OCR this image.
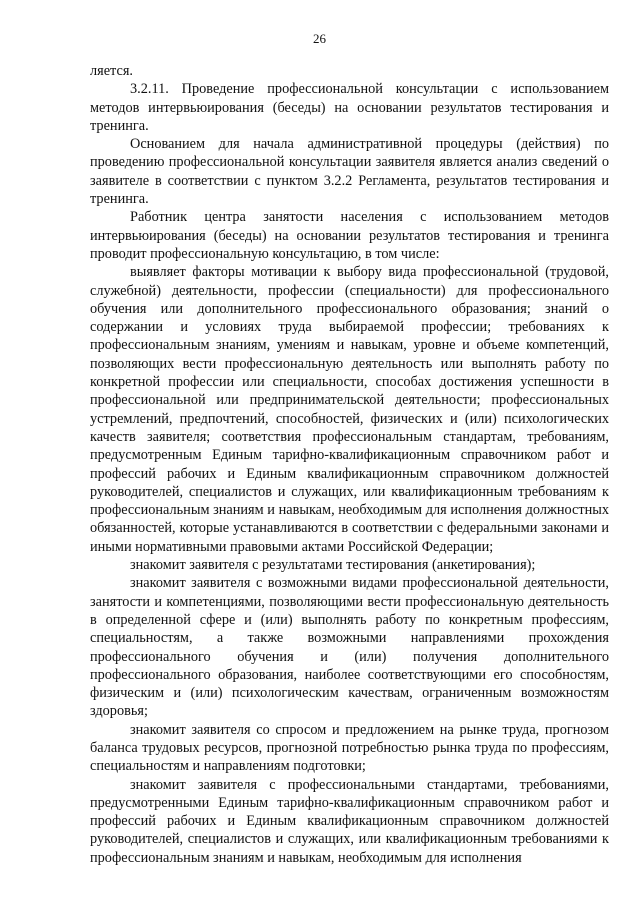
26

ляется.

3.2.11. Проведение профессиональной консультации с использованием методов интервьюирования (беседы) на основании результатов тестирования и тренинга.

Основанием для начала административной процедуры (действия) по проведению профессиональной консультации заявителя является анализ сведений о заявителе в соответствии с пунктом 3.2.2 Регламента, результатов тестирования и тренинга.

Работник центра занятости населения с использованием методов интервьюирования (беседы) на основании результатов тестирования и тренинга проводит профессиональную консультацию, в том числе:

выявляет факторы мотивации к выбору вида профессиональной (трудовой, служебной) деятельности, профессии (специальности) для профессионального обучения или дополнительного профессионального образования; знаний о содержании и условиях труда выбираемой профессии; требованиях к профессиональным знаниям, умениям и навыкам, уровне и объеме компетенций, позволяющих вести профессиональную деятельность или выполнять работу по конкретной профессии или специальности, способах достижения успешности в профессиональной или предпринимательской деятельности; профессиональных устремлений, предпочтений, способностей, физических и (или) психологических качеств заявителя; соответствия профессиональным стандартам, требованиям, предусмотренным Единым тарифно-квалификационным справочником работ и профессий рабочих и Единым квалификационным справочником должностей руководителей, специалистов и служащих, или квалификационным требованиям к профессиональным знаниям и навыкам, необходимым для исполнения должностных обязанностей, которые устанавливаются в соответствии с федеральными законами и иными нормативными правовыми актами Российской Федерации;

знакомит заявителя с результатами тестирования (анкетирования);

знакомит заявителя с возможными видами профессиональной деятельности, занятости и компетенциями, позволяющими вести профессиональную деятельность в определенной сфере и (или) выполнять работу по конкретным профессиям, специальностям, а также возможными направлениями прохождения профессионального обучения и (или) получения дополнительного профессионального образования, наиболее соответствующими его способностям, физическим и (или) психологическим качествам, ограниченным возможностям здоровья;

знакомит заявителя со спросом и предложением на рынке труда, прогнозом баланса трудовых ресурсов, прогнозной потребностью рынка труда по профессиям, специальностям и направлениям подготовки;

знакомит заявителя с профессиональными стандартами, требованиями, предусмотренными Единым тарифно-квалификационным справочником работ и профессий рабочих и Единым квалификационным справочником должностей руководителей, специалистов и служащих, или квалификационным требованиями к профессиональным знаниям и навыкам, необходимым для исполнения
